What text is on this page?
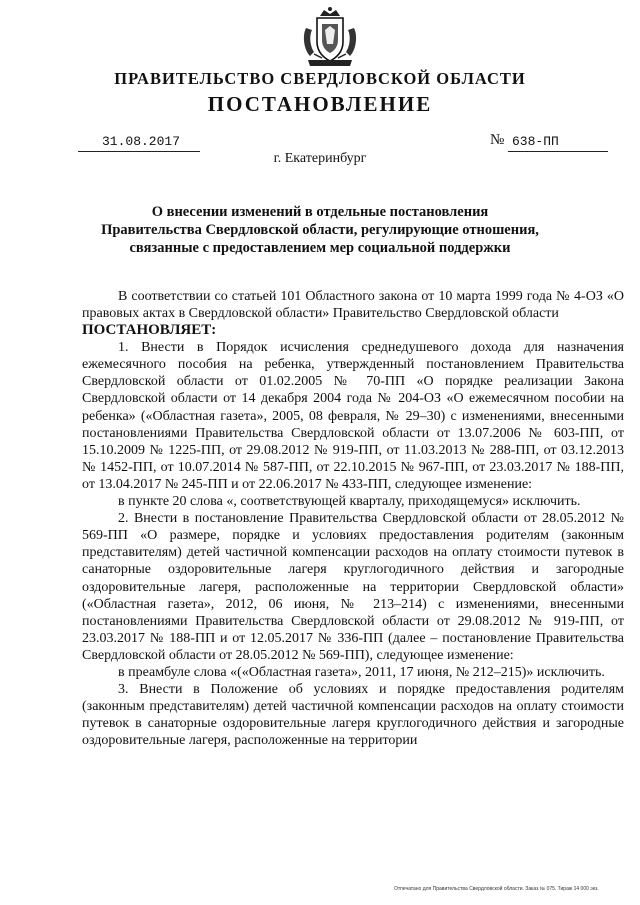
ПРАВИТЕЛЬСТВО СВЕРДЛОВСКОЙ ОБЛАСТИ
ПОСТАНОВЛЕНИЕ
31.08.2017	№ 638-ПП
г. Екатеринбург
О внесении изменений в отдельные постановления
Правительства Свердловской области, регулирующие отношения,
связанные с предоставлением мер социальной поддержки

В соответствии со статьей 101 Областного закона от 10 марта 1999 года № 4-ОЗ «О правовых актах в Свердловской области» Правительство Свердловской области

ПОСТАНОВЛЯЕТ:

1. Внести в Порядок исчисления среднедушевого дохода для назначения ежемесячного пособия на ребенка, утвержденный постановлением Правительства Свердловской области от 01.02.2005 № 70-ПП «О порядке реализации Закона Свердловской области от 14 декабря 2004 года № 204-ОЗ «О ежемесячном пособии на ребенка» («Областная газета», 2005, 08 февраля, № 29–30) с изменениями, внесенными постановлениями Правительства Свердловской области от 13.07.2006 № 603-ПП, от 15.10.2009 № 1225-ПП, от 29.08.2012 № 919-ПП, от 11.03.2013 № 288-ПП, от 03.12.2013 № 1452-ПП, от 10.07.2014 № 587-ПП, от 22.10.2015 № 967-ПП, от 23.03.2017 № 188-ПП, от 13.04.2017 № 245-ПП и от 22.06.2017 № 433-ПП, следующее изменение:

в пункте 20 слова «, соответствующей кварталу, приходящемуся» исключить.

2. Внести в постановление Правительства Свердловской области от 28.05.2012 № 569-ПП «О размере, порядке и условиях предоставления родителям (законным представителям) детей частичной компенсации расходов на оплату стоимости путевок в санаторные оздоровительные лагеря круглогодичного действия и загородные оздоровительные лагеря, расположенные на территории Свердловской области» («Областная газета», 2012, 06 июня, № 213–214) с изменениями, внесенными постановлениями Правительства Свердловской области от 29.08.2012 № 919-ПП, от 23.03.2017 № 188-ПП и от 12.05.2017 № 336-ПП (далее – постановление Правительства Свердловской области от 28.05.2012 № 569-ПП), следующее изменение:

в преамбуле слова «(«Областная газета», 2011, 17 июня, № 212–215)» исключить.

3. Внести в Положение об условиях и порядке предоставления родителям (законным представителям) детей частичной компенсации расходов на оплату стоимости путевок в санаторные оздоровительные лагеря круглогодичного действия и загородные оздоровительные лагеря, расположенные на территории

Отпечатано для Правительства Свердловской области. Заказ № 075. Тираж 14 000 экз.
